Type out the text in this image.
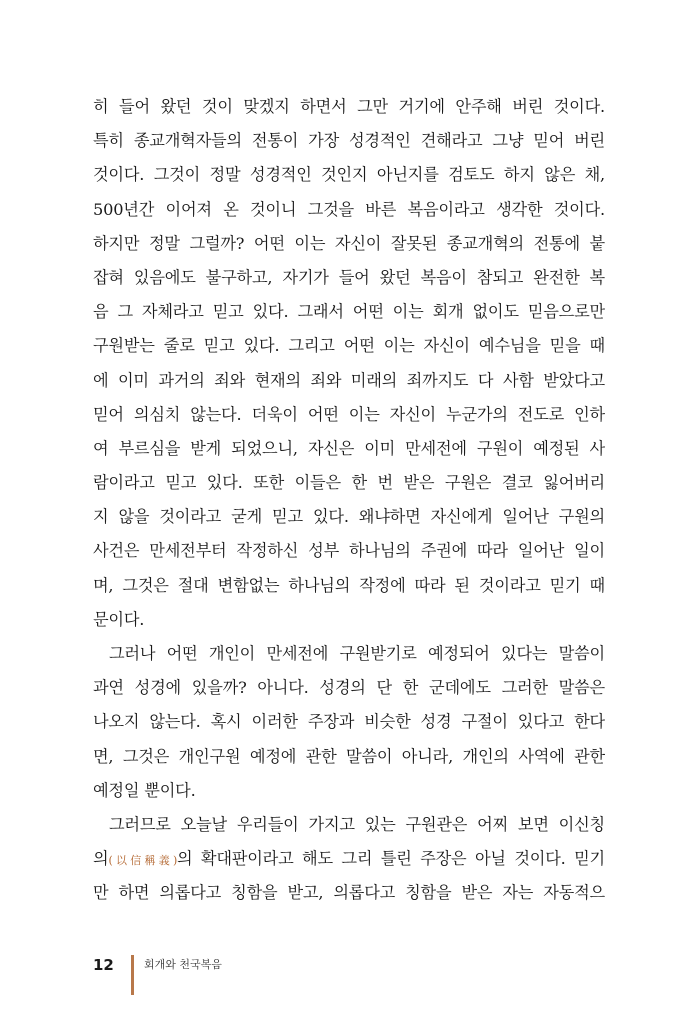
히 들어 왔던 것이 맞겠지 하면서 그만 거기에 안주해 버린 것이다.
특히 종교개혁자들의 전통이 가장 성경적인 견해라고 그냥 믿어 버린
것이다. 그것이 정말 성경적인 것인지 아닌지를 검토도 하지 않은 채,
500년간 이어져 온 것이니 그것을 바른 복음이라고 생각한 것이다.
하지만 정말 그럴까? 어떤 이는 자신이 잘못된 종교개혁의 전통에 붙
잡혀 있음에도 불구하고, 자기가 들어 왔던 복음이 참되고 완전한 복
음 그 자체라고 믿고 있다. 그래서 어떤 이는 회개 없이도 믿음으로만
구원받는 줄로 믿고 있다. 그리고 어떤 이는 자신이 예수님을 믿을 때
에 이미 과거의 죄와 현재의 죄와 미래의 죄까지도 다 사함 받았다고
믿어 의심치 않는다. 더욱이 어떤 이는 자신이 누군가의 전도로 인하
여 부르심을 받게 되었으니, 자신은 이미 만세전에 구원이 예정된 사
람이라고 믿고 있다. 또한 이들은 한 번 받은 구원은 결코 잃어버리
지 않을 것이라고 굳게 믿고 있다. 왜냐하면 자신에게 일어난 구원의
사건은 만세전부터 작정하신 성부 하나님의 주권에 따라 일어난 일이
며, 그것은 절대 변함없는 하나님의 작정에 따라 된 것이라고 믿기 때
문이다.
그러나 어떤 개인이 만세전에 구원받기로 예정되어 있다는 말씀이
과연 성경에 있을까? 아니다. 성경의 단 한 군데에도 그러한 말씀은
나오지 않는다. 혹시 이러한 주장과 비슷한 성경 구절이 있다고 한다
면, 그것은 개인구원 예정에 관한 말씀이 아니라, 개인의 사역에 관한
예정일 뿐이다.
그러므로 오늘날 우리들이 가지고 있는 구원관은 어찌 보면 이신칭
의(以信稱義)의 확대판이라고 해도 그리 틀린 주장은 아닐 것이다. 믿기
만 하면 의롭다고 칭함을 받고, 의롭다고 칭함을 받은 자는 자동적으
12	회개와 천국복음
